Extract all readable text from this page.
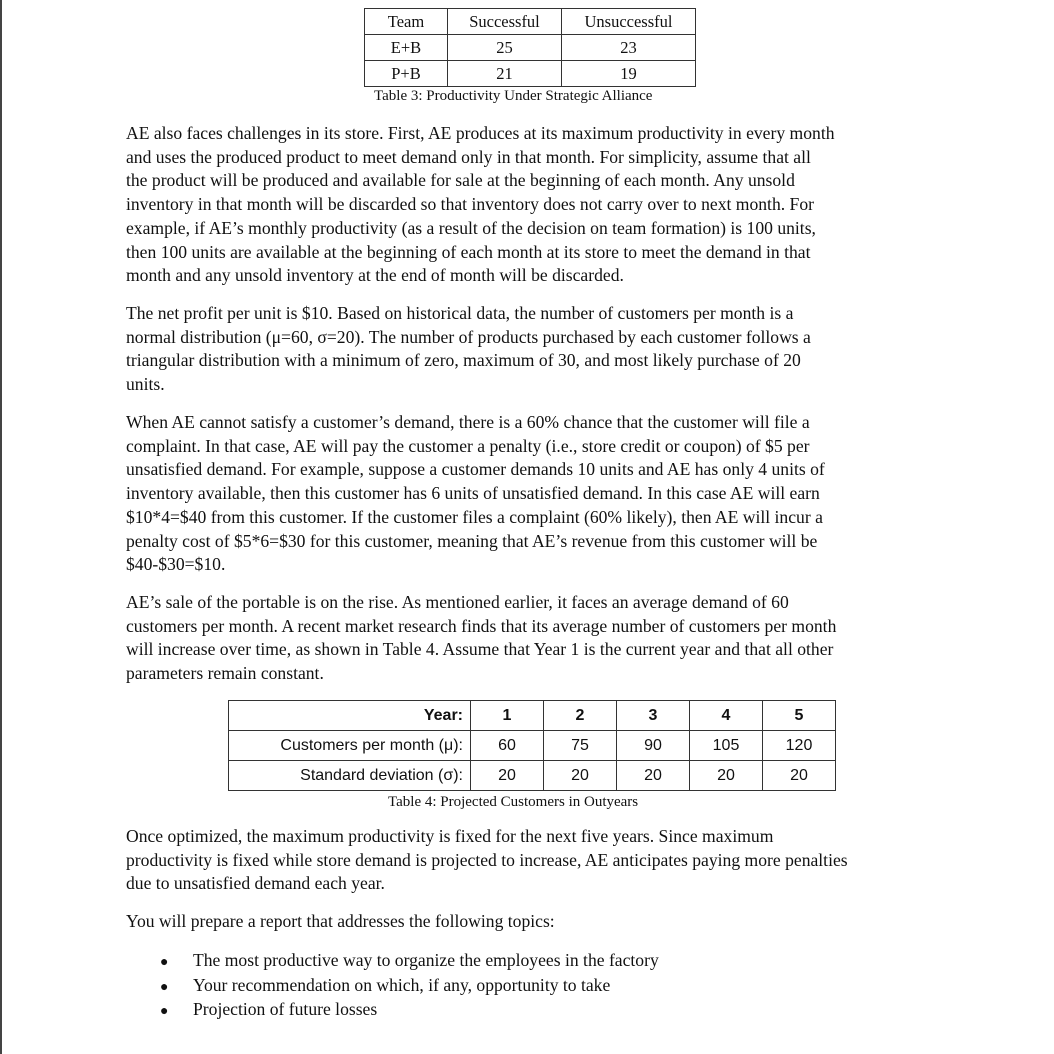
Team	Successful	Unsuccessful
E+B	25	23
P+B	21	19
Table 3: Productivity Under Strategic Alliance

AE also faces challenges in its store. First, AE produces at its maximum productivity in every month
and uses the produced product to meet demand only in that month. For simplicity, assume that all
the product will be produced and available for sale at the beginning of each month. Any unsold
inventory in that month will be discarded so that inventory does not carry over to next month. For
example, if AE’s monthly productivity (as a result of the decision on team formation) is 100 units,
then 100 units are available at the beginning of each month at its store to meet the demand in that
month and any unsold inventory at the end of month will be discarded.

The net profit per unit is $10. Based on historical data, the number of customers per month is a
normal distribution (μ=60, σ=20). The number of products purchased by each customer follows a
triangular distribution with a minimum of zero, maximum of 30, and most likely purchase of 20
units.

When AE cannot satisfy a customer’s demand, there is a 60% chance that the customer will file a
complaint. In that case, AE will pay the customer a penalty (i.e., store credit or coupon) of $5 per
unsatisfied demand. For example, suppose a customer demands 10 units and AE has only 4 units of
inventory available, then this customer has 6 units of unsatisfied demand. In this case AE will earn
$10*4=$40 from this customer. If the customer files a complaint (60% likely), then AE will incur a
penalty cost of $5*6=$30 for this customer, meaning that AE’s revenue from this customer will be
$40-$30=$10.

AE’s sale of the portable is on the rise. As mentioned earlier, it faces an average demand of 60
customers per month. A recent market research finds that its average number of customers per month
will increase over time, as shown in Table 4. Assume that Year 1 is the current year and that all other
parameters remain constant.

Year:	1	2	3	4	5
Customers per month (μ):	60	75	90	105	120
Standard deviation (σ):	20	20	20	20	20
Table 4: Projected Customers in Outyears

Once optimized, the maximum productivity is fixed for the next five years. Since maximum
productivity is fixed while store demand is projected to increase, AE anticipates paying more penalties
due to unsatisfied demand each year.

You will prepare a report that addresses the following topics:

● The most productive way to organize the employees in the factory
● Your recommendation on which, if any, opportunity to take
● Projection of future losses
